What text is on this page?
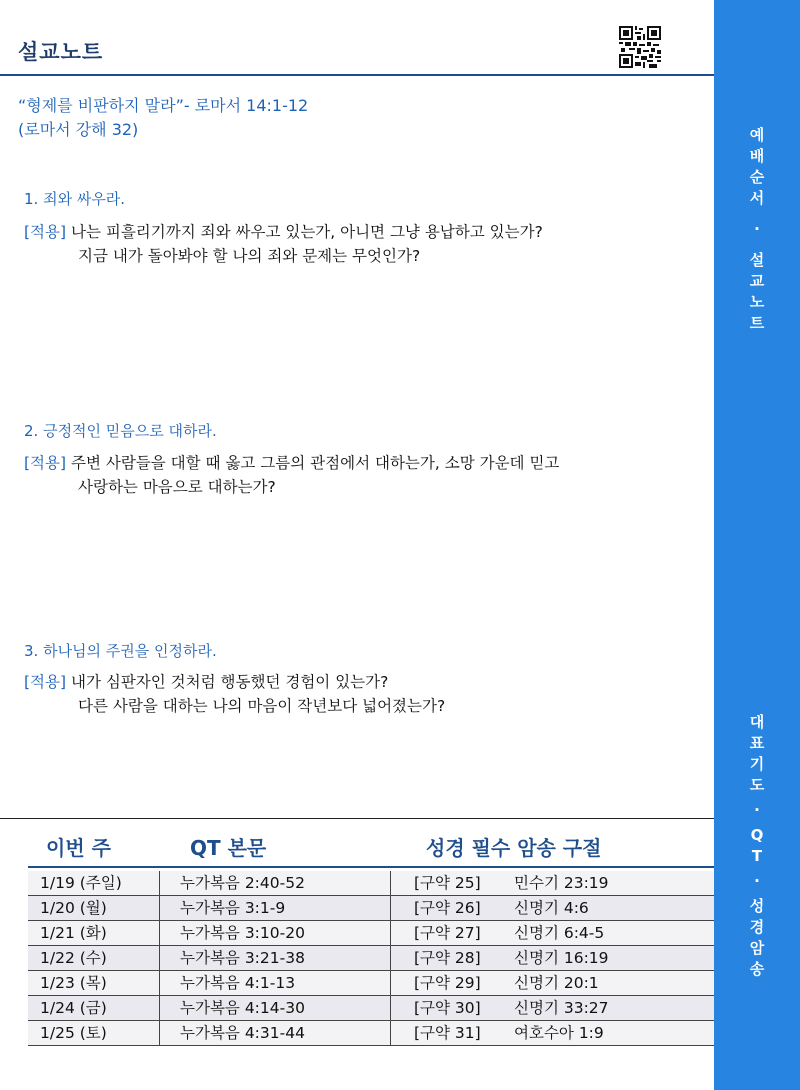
설교노트
예
배
순
서
·
설
교
노
트
대
표
기
도
·
Q
T
·
성
경
암
송
“형제를 비판하지 말라”- 로마서 14:1-12
(로마서 강해 32)
1. 죄와 싸우라.
[적용] 나는 피흘리기까지 죄와 싸우고 있는가, 아니면 그냥 용납하고 있는가?
지금 내가 돌아봐야 할 나의 죄와 문제는 무엇인가?
2. 긍정적인 믿음으로 대하라.
[적용] 주변 사람들을 대할 때 옳고 그름의 관점에서 대하는가, 소망 가운데 믿고
사랑하는 마음으로 대하는가?
3. 하나님의 주권을 인정하라.
[적용] 내가 심판자인 것처럼 행동했던 경험이 있는가?
다른 사람을 대하는 나의 마음이 작년보다 넓어졌는가?
이번 주	QT 본문	성경 필수 암송 구절
1/19 (주일)	누가복음 2:40-52	[구약 25] 민수기 23:19
1/20 (월)	누가복음 3:1-9	[구약 26] 신명기 4:6
1/21 (화)	누가복음 3:10-20	[구약 27] 신명기 6:4-5
1/22 (수)	누가복음 3:21-38	[구약 28] 신명기 16:19
1/23 (목)	누가복음 4:1-13	[구약 29] 신명기 20:1
1/24 (금)	누가복음 4:14-30	[구약 30] 신명기 33:27
1/25 (토)	누가복음 4:31-44	[구약 31] 여호수아 1:9
